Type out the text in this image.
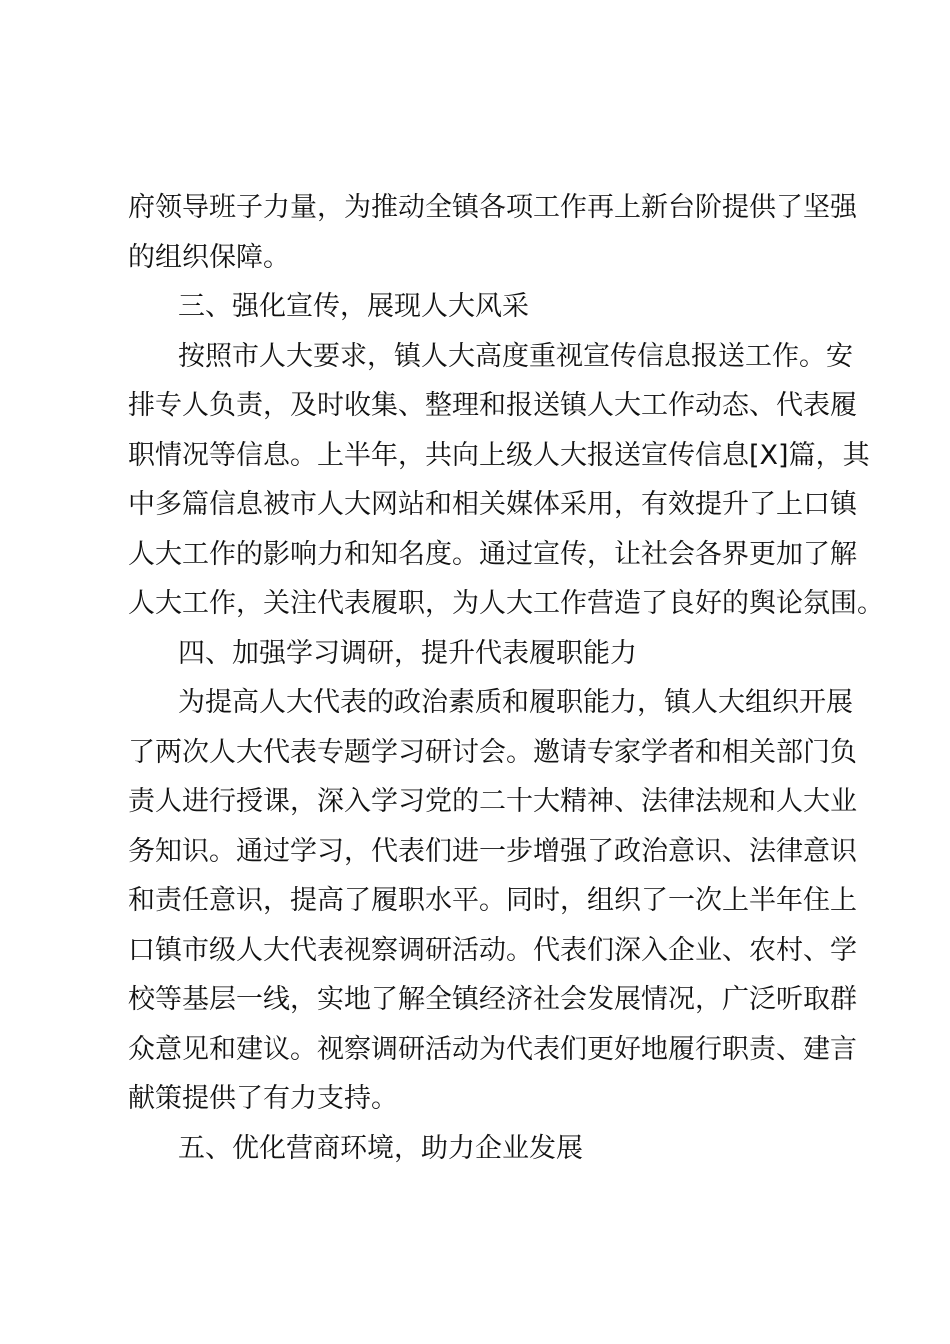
府领导班子力量，为推动全镇各项工作再上新台阶提供了坚强
的组织保障。
三、强化宣传，展现人大风采
按照市人大要求，镇人大高度重视宣传信息报送工作。安
排专人负责，及时收集、整理和报送镇人大工作动态、代表履
职情况等信息。上半年，共向上级人大报送宣传信息[X]篇，其
中多篇信息被市人大网站和相关媒体采用，有效提升了上口镇
人大工作的影响力和知名度。通过宣传，让社会各界更加了解
人大工作，关注代表履职，为人大工作营造了良好的舆论氛围。
四、加强学习调研，提升代表履职能力
为提高人大代表的政治素质和履职能力，镇人大组织开展
了两次人大代表专题学习研讨会。邀请专家学者和相关部门负
责人进行授课，深入学习党的二十大精神、法律法规和人大业
务知识。通过学习，代表们进一步增强了政治意识、法律意识
和责任意识，提高了履职水平。同时，组织了一次上半年住上
口镇市级人大代表视察调研活动。代表们深入企业、农村、学
校等基层一线，实地了解全镇经济社会发展情况，广泛听取群
众意见和建议。视察调研活动为代表们更好地履行职责、建言
献策提供了有力支持。
五、优化营商环境，助力企业发展
